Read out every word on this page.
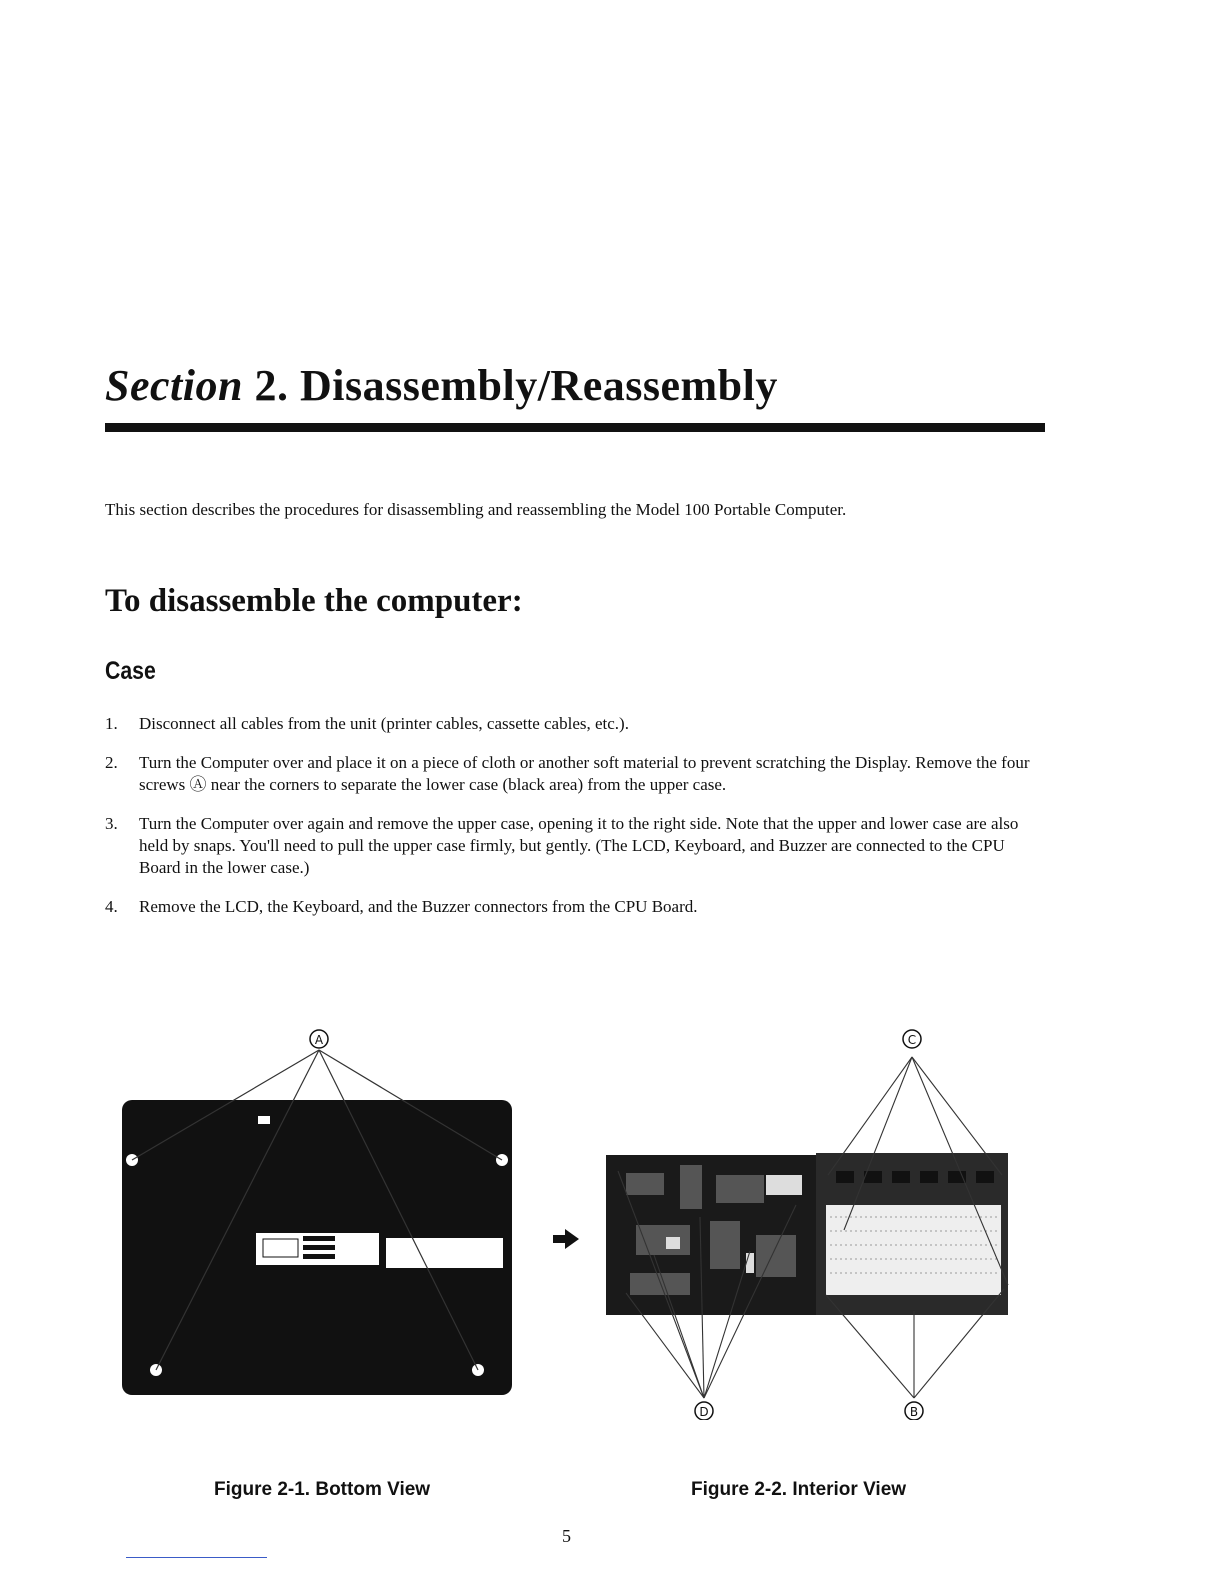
Section 2. Disassembly/Reassembly
This section describes the procedures for disassembling and reassembling the Model 100 Portable Computer.
To disassemble the computer:
Case
1. Disconnect all cables from the unit (printer cables, cassette cables, etc.).
2. Turn the Computer over and place it on a piece of cloth or another soft material to prevent scratching the Display. Remove the four screws Ⓐ near the corners to separate the lower case (black area) from the upper case.
3. Turn the Computer over again and remove the upper case, opening it to the right side. Note that the upper and lower case are also held by snaps. You'll need to pull the upper case firmly, but gently. (The LCD, Keyboard, and Buzzer are connected to the CPU Board in the lower case.)
4. Remove the LCD, the Keyboard, and the Buzzer connectors from the CPU Board.
A	C
D	B
Figure 2-1. Bottom View	Figure 2-2. Interior View
5
